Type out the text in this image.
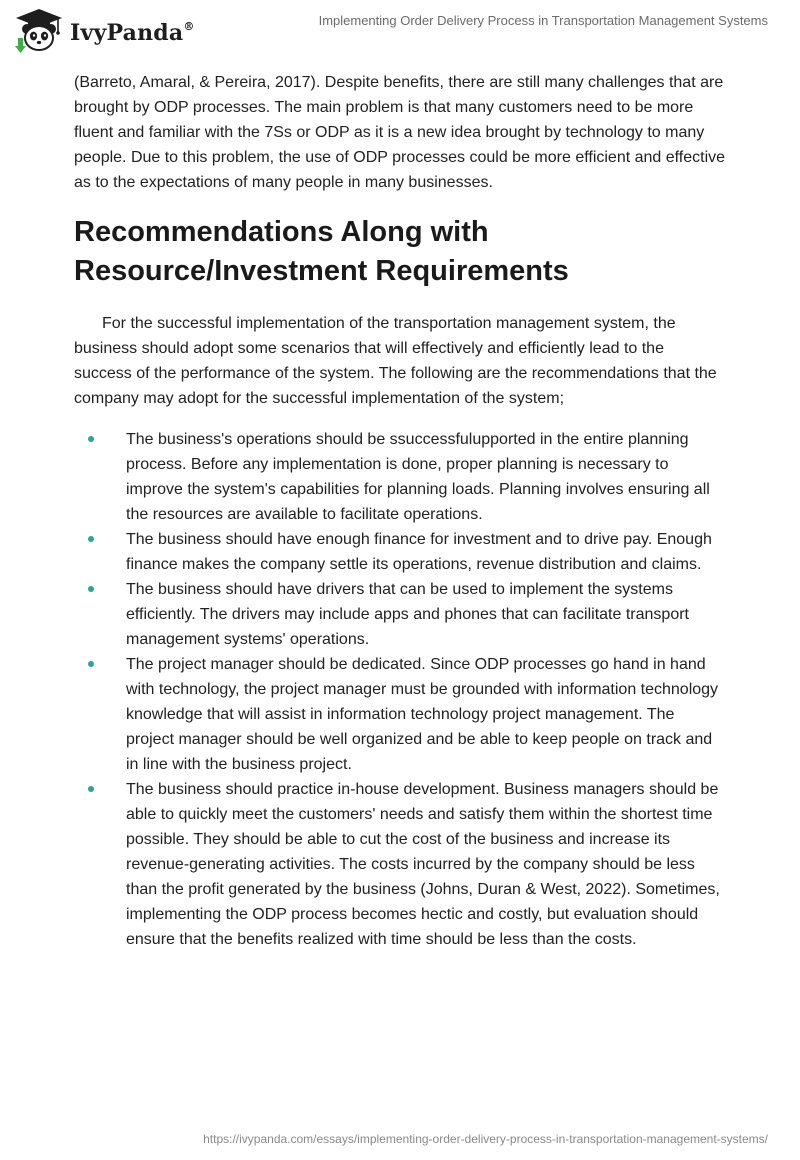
IvyPanda®	Implementing Order Delivery Process in Transportation Management Systems

(Barreto, Amaral, & Pereira, 2017). Despite benefits, there are still many challenges that are brought by ODP processes. The main problem is that many customers need to be more fluent and familiar with the 7Ss or ODP as it is a new idea brought by technology to many people. Due to this problem, the use of ODP processes could be more efficient and effective as to the expectations of many people in many businesses.

Recommendations Along with Resource/Investment Requirements

For the successful implementation of the transportation management system, the business should adopt some scenarios that will effectively and efficiently lead to the success of the performance of the system. The following are the recommendations that the company may adopt for the successful implementation of the system;

The business's operations should be ssuccessfulupported in the entire planning process. Before any implementation is done, proper planning is necessary to improve the system's capabilities for planning loads. Planning involves ensuring all the resources are available to facilitate operations.
The business should have enough finance for investment and to drive pay. Enough finance makes the company settle its operations, revenue distribution and claims.
The business should have drivers that can be used to implement the systems efficiently. The drivers may include apps and phones that can facilitate transport management systems' operations.
The project manager should be dedicated. Since ODP processes go hand in hand with technology, the project manager must be grounded with information technology knowledge that will assist in information technology project management. The project manager should be well organized and be able to keep people on track and in line with the business project.
The business should practice in-house development. Business managers should be able to quickly meet the customers' needs and satisfy them within the shortest time possible. They should be able to cut the cost of the business and increase its revenue-generating activities. The costs incurred by the company should be less than the profit generated by the business (Johns, Duran & West, 2022). Sometimes, implementing the ODP process becomes hectic and costly, but evaluation should ensure that the benefits realized with time should be less than the costs.
https://ivypanda.com/essays/implementing-order-delivery-process-in-transportation-management-systems/
